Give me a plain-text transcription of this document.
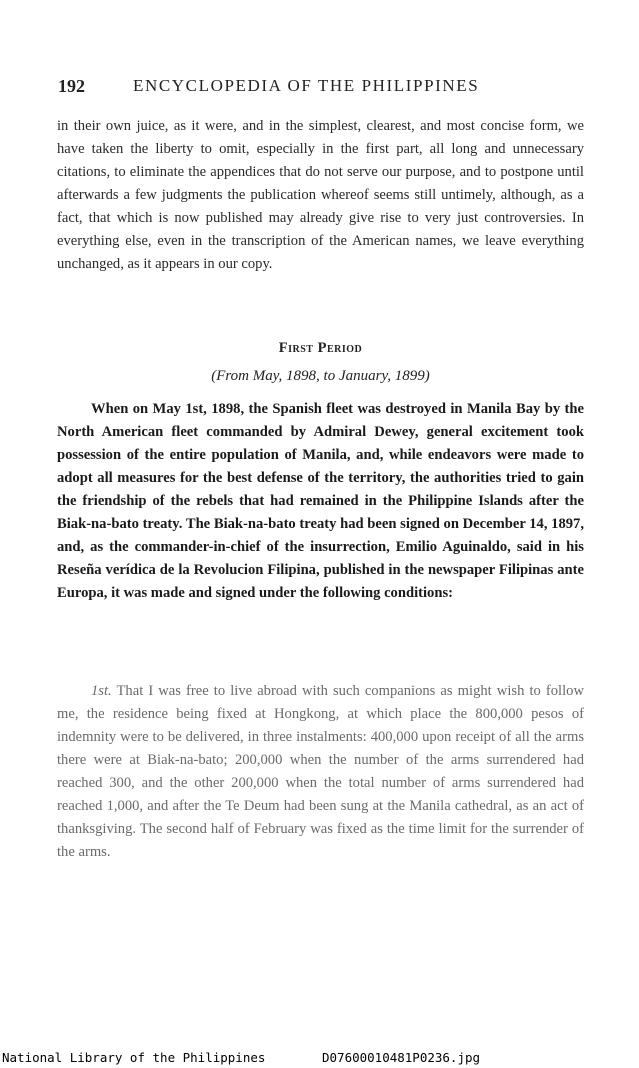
192	ENCYCLOPEDIA OF THE PHILIPPINES

in their own juice, as it were, and in the simplest, clearest, and most concise form, we have taken the liberty to omit, especially in the first part, all long and unnecessary citations, to eliminate the appendices that do not serve our purpose, and to postpone until afterwards a few judgments the publication whereof seems still untimely, although, as a fact, that which is now published may already give rise to very just controversies. In everything else, even in the transcription of the American names, we leave everything unchanged, as it appears in our copy.

First Period
(From May, 1898, to January, 1899)

When on May 1st, 1898, the Spanish fleet was destroyed in Manila Bay by the North American fleet commanded by Admiral Dewey, general excitement took possession of the entire population of Manila, and, while endeavors were made to adopt all measures for the best defense of the territory, the authorities tried to gain the friendship of the rebels that had remained in the Philippine Islands after the Biak-na-bato treaty. The Biak-na-bato treaty had been signed on December 14, 1897, and, as the commander-in-chief of the insurrection, Emilio Aguinaldo, said in his Reseña verídica de la Revolucion Filipina, published in the newspaper Filipinas ante Europa, it was made and signed under the following conditions:

1st. That I was free to live abroad with such companions as might wish to follow me, the residence being fixed at Hongkong, at which place the 800,000 pesos of indemnity were to be delivered, in three instalments: 400,000 upon receipt of all the arms there were at Biak-na-bato; 200,000 when the number of the arms surrendered had reached 300, and the other 200,000 when the total number of arms surrendered had reached 1,000, and after the Te Deum had been sung at the Manila cathedral, as an act of thanksgiving. The second half of February was fixed as the time limit for the surrender of the arms.

National Library of the Philippines	D07600010481P0236.jpg
